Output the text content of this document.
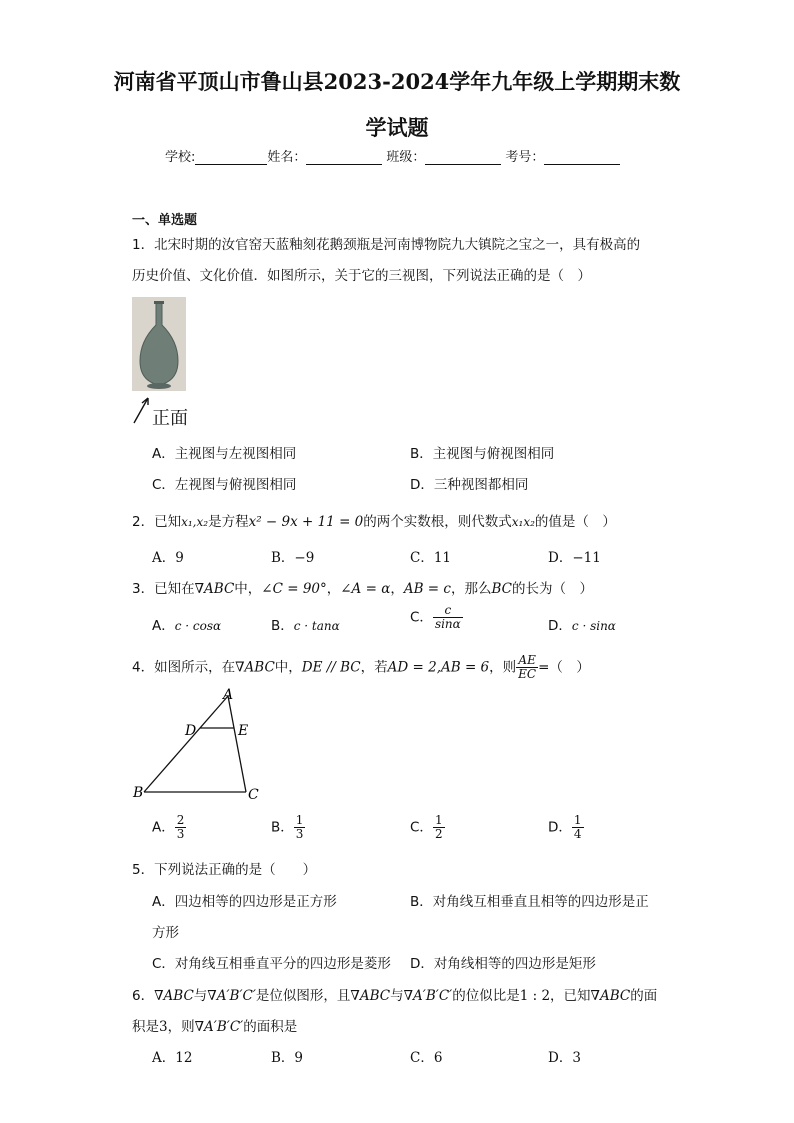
河南省平顶山市鲁山县2023-2024学年九年级上学期期末数
学试题
学校:	姓名：	班级：	考号：
一、单选题
1．北宋时期的汝官窑天蓝釉刻花鹅颈瓶是河南博物院九大镇院之宝之一，具有极高的
历史价值、文化价值．如图所示，关于它的三视图，下列说法正确的是（　）
正面
A．主视图与左视图相同	B．主视图与俯视图相同
C．左视图与俯视图相同	D．三种视图都相同
2．已知x₁,x₂是方程x² − 9x + 11 = 0的两个实数根，则代数式x₁x₂的值是（　）
A．9	B．−9	C．11	D．−11
3．已知在∇ABC中，∠C = 90°，∠A = α，AB = c，那么BC的长为（　）
A．c · cosα	B．c · tanα
C． $\frac{c}{\sin\alpha}$	D．c · sinα
4．如图所示，在∇ABC中，DE // BC，若AD = 2,AB = 6，则 $\frac{AE}{EC}$ =（　）
A
B	C
D	E
A． $\frac{2}{3}$	B． $\frac{1}{3}$	C． $\frac{1}{2}$	D． $\frac{1}{4}$
5．下列说法正确的是（　　）
A．四边相等的四边形是正方形	B．对角线互相垂直且相等的四边形是正
方形
C．对角线互相垂直平分的四边形是菱形 D．对角线相等的四边形是矩形
6．∇ABC与∇A′B′C′是位似图形，且∇ABC与∇A′B′C′的位似比是1 : 2，已知∇ABC的面
积是3，则∇A′B′C′的面积是
A．12	B．9	C．6	D．3
